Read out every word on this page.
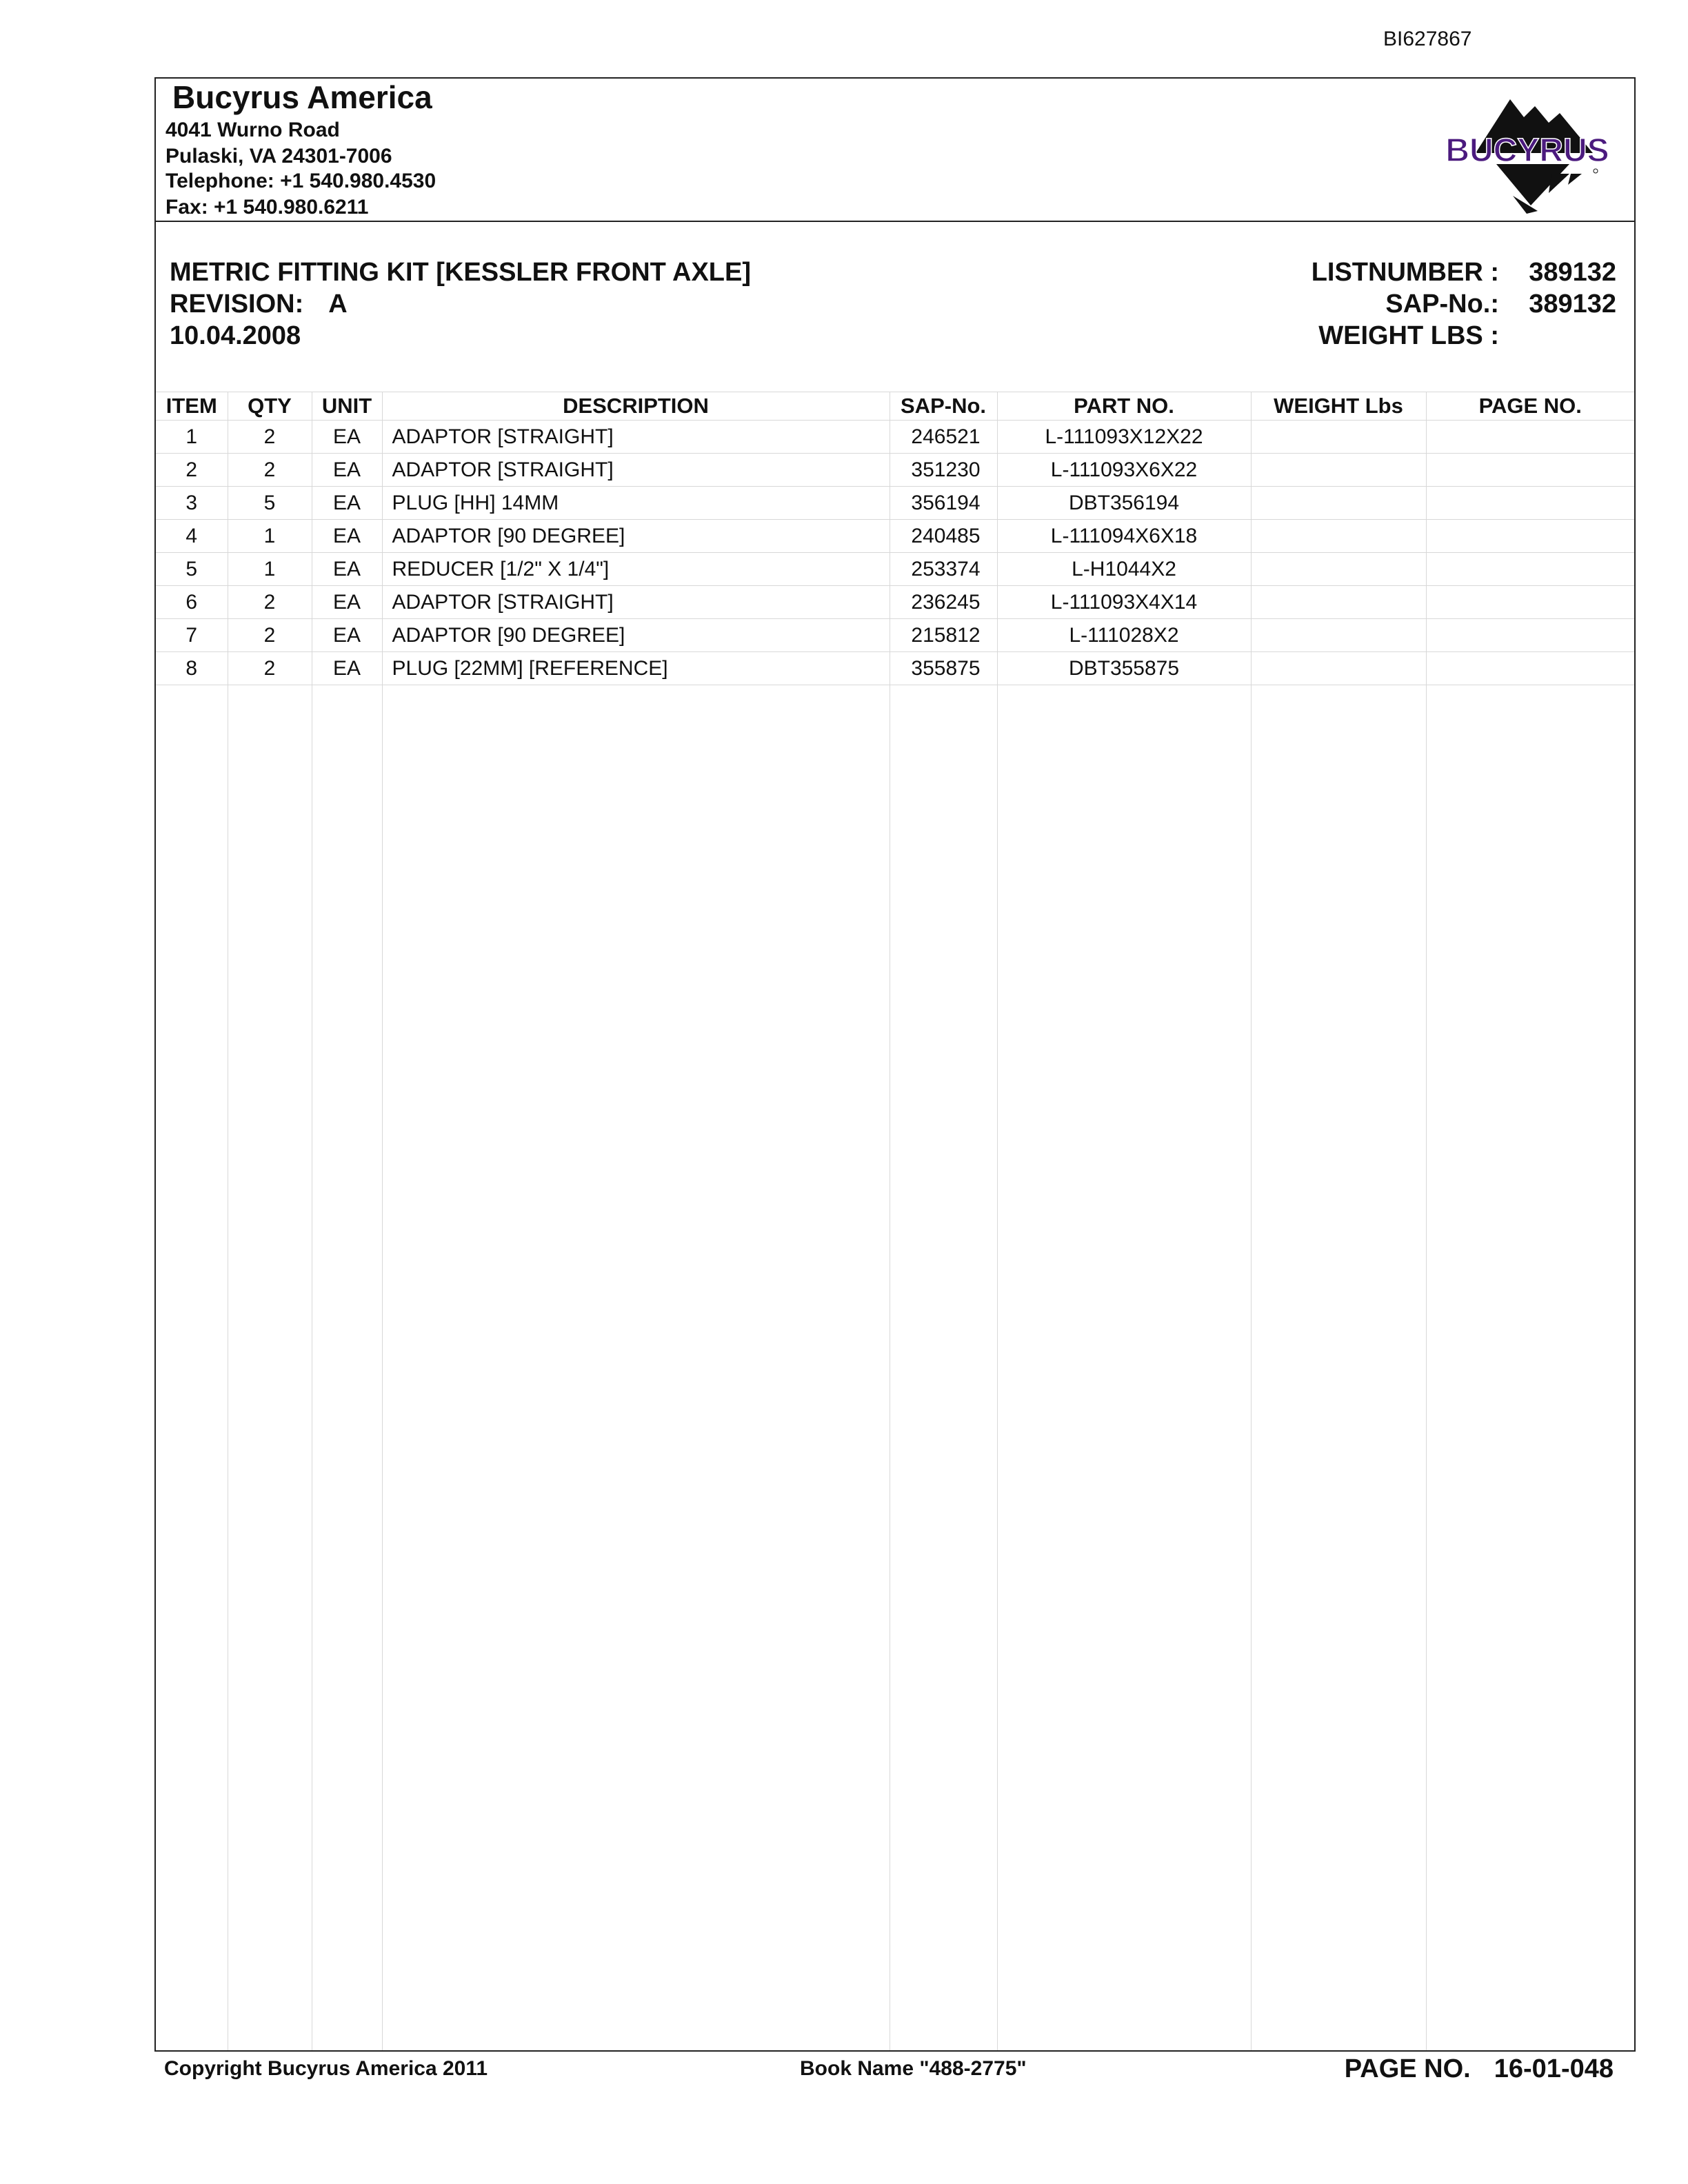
BI627867
Bucyrus America
4041 Wurno Road
Pulaski, VA 24301-7006
Telephone: +1 540.980.4530
Fax: +1 540.980.6211
BUCYRUS
METRIC FITTING KIT [KESSLER FRONT AXLE]
REVISION: A
10.04.2008
LISTNUMBER : 389132
SAP-No.: 389132
WEIGHT LBS :
ITEM	QTY	UNIT	DESCRIPTION	SAP-No.	PART NO.	WEIGHT Lbs	PAGE NO.
1	2	EA	ADAPTOR [STRAIGHT]	246521	L-111093X12X22		
2	2	EA	ADAPTOR [STRAIGHT]	351230	L-111093X6X22		
3	5	EA	PLUG [HH] 14MM	356194	DBT356194		
4	1	EA	ADAPTOR [90 DEGREE]	240485	L-111094X6X18		
5	1	EA	REDUCER [1/2" X 1/4"]	253374	L-H1044X2		
6	2	EA	ADAPTOR [STRAIGHT]	236245	L-111093X4X14		
7	2	EA	ADAPTOR [90 DEGREE]	215812	L-111028X2		
8	2	EA	PLUG [22MM] [REFERENCE]	355875	DBT355875		
Copyright Bucyrus America 2011	Book Name "488-2775"	PAGE NO. 16-01-048
